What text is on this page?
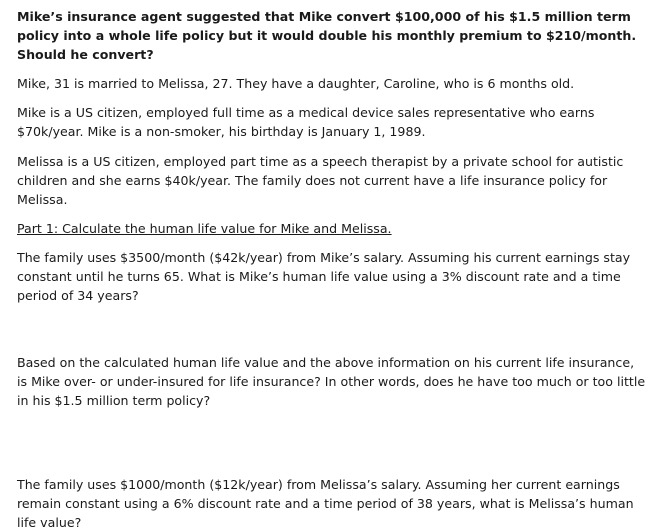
Mike’s insurance agent suggested that Mike convert $100,000 of his $1.5 million term policy into a whole life policy but it would double his monthly premium to $210/month. Should he convert?

Mike, 31 is married to Melissa, 27. They have a daughter, Caroline, who is 6 months old.

Mike is a US citizen, employed full time as a medical device sales representative who earns $70k/year. Mike is a non-smoker, his birthday is January 1, 1989.

Melissa is a US citizen, employed part time as a speech therapist by a private school for autistic children and she earns $40k/year. The family does not current have a life insurance policy for Melissa.

Part 1: Calculate the human life value for Mike and Melissa.

The family uses $3500/month ($42k/year) from Mike’s salary. Assuming his current earnings stay constant until he turns 65. What is Mike’s human life value using a 3% discount rate and a time period of 34 years?

Based on the calculated human life value and the above information on his current life insurance, is Mike over- or under-insured for life insurance? In other words, does he have too much or too little in his $1.5 million term policy?

The family uses $1000/month ($12k/year) from Melissa’s salary. Assuming her current earnings remain constant using a 6% discount rate and a time period of 38 years, what is Melissa’s human life value?
